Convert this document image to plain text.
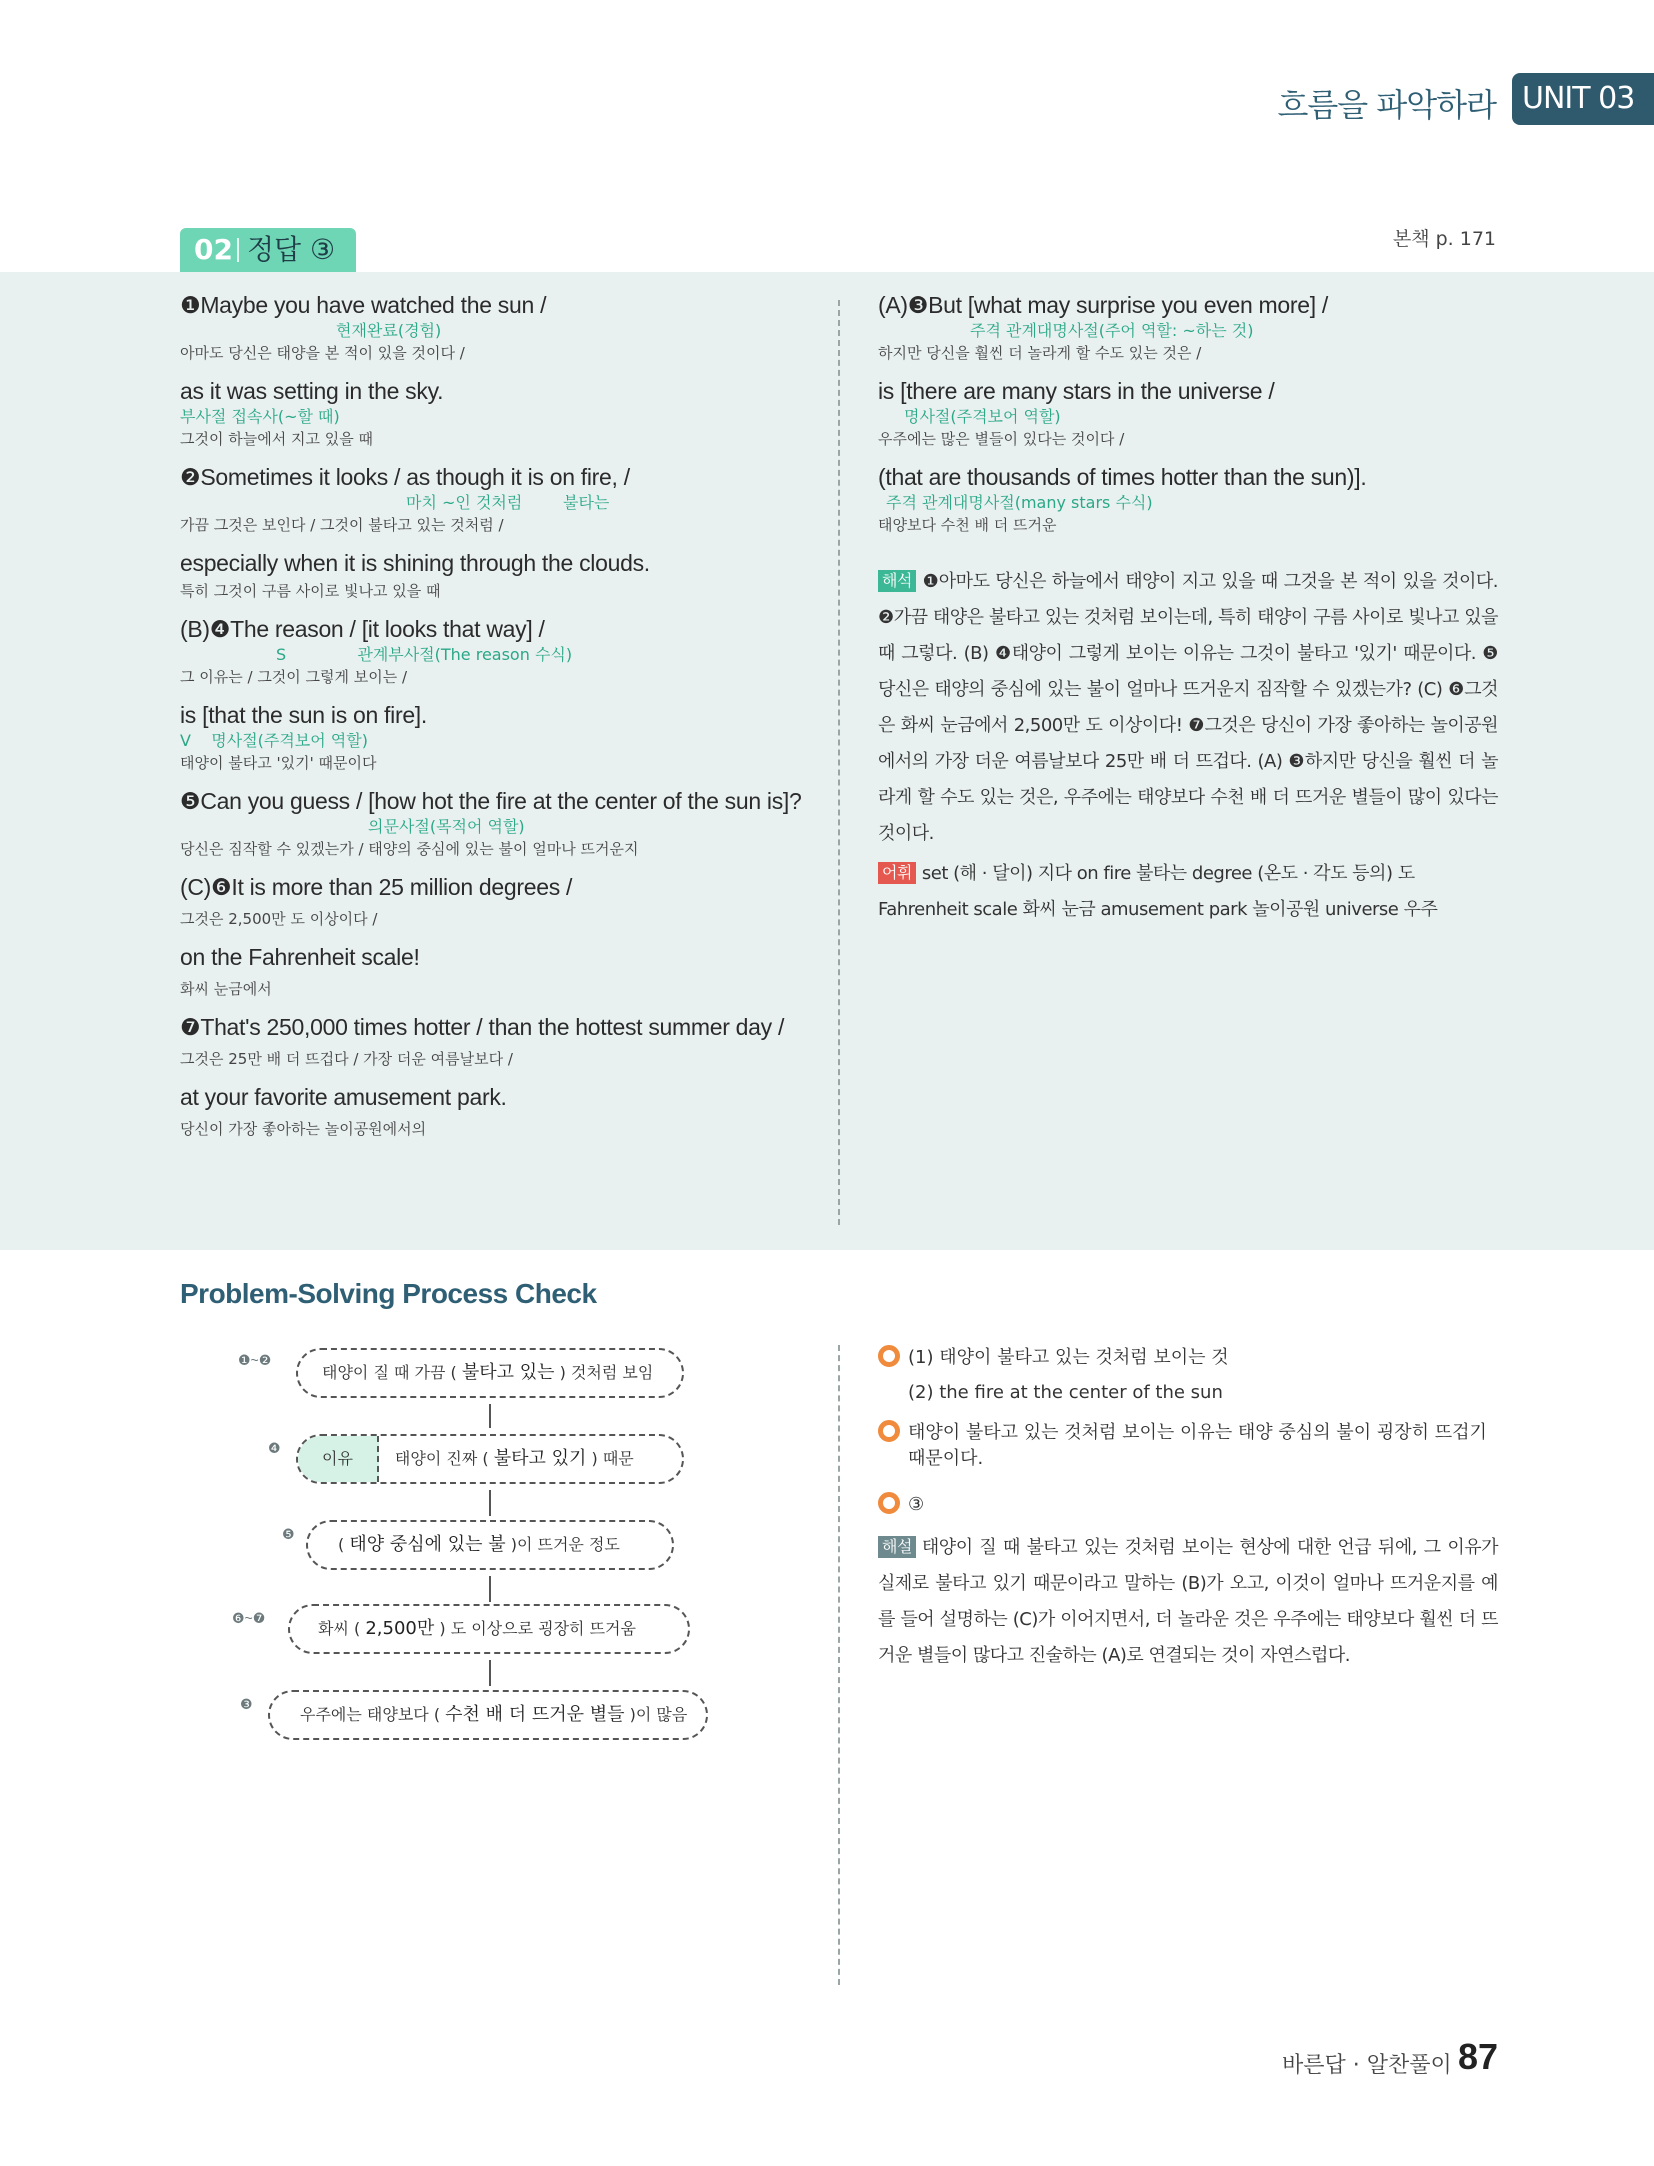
흐름을 파악하라 UNIT 03
02 정답 ③	본책 p. 171
❶Maybe you have watched the sun /
현재완료(경험)
아마도 당신은 태양을 본 적이 있을 것이다 /
as it was setting in the sky.
부사절 접속사(~할 때)
그것이 하늘에서 지고 있을 때
❷Sometimes it looks / as though it is on fire, /
마치 ~인 것처럼        불타는
가끔 그것은 보인다 / 그것이 불타고 있는 것처럼 /
especially when it is shining through the clouds.
특히 그것이 구름 사이로 빛나고 있을 때
(B)❹The reason / [it looks that way] /
S              관계부사절(The reason 수식)
그 이유는 / 그것이 그렇게 보이는 /
is [that the sun is on fire].
V    명사절(주격보어 역할)
태양이 불타고 '있기' 때문이다
❺Can you guess / [how hot the fire at the center of the sun is]?
의문사절(목적어 역할)
당신은 짐작할 수 있겠는가 / 태양의 중심에 있는 불이 얼마나 뜨거운지
(C)❻It is more than 25 million degrees /
그것은 2,500만 도 이상이다 /
on the Fahrenheit scale!
화씨 눈금에서
❼That's 250,000 times hotter / than the hottest summer day /
그것은 25만 배 더 뜨겁다 / 가장 더운 여름날보다 /
at your favorite amusement park.
당신이 가장 좋아하는 놀이공원에서의
(A)❸But [what may surprise you even more] /
주격 관계대명사절(주어 역할: ~하는 것)
하지만 당신을 훨씬 더 놀라게 할 수도 있는 것은 /
is [there are many stars in the universe /
명사절(주격보어 역할)
우주에는 많은 별들이 있다는 것이다 /
(that are thousands of times hotter than the sun)].
주격 관계대명사절(many stars 수식)
태양보다 수천 배 더 뜨거운
해석 ❶아마도 당신은 하늘에서 태양이 지고 있을 때 그것을 본 적이 있을 것이다. ❷가끔 태양은 불타고 있는 것처럼 보이는데, 특히 태양이 구름 사이로 빛나고 있을 때 그렇다. (B) ❹태양이 그렇게 보이는 이유는 그것이 불타고 '있기' 때문이다. ❺당신은 태양의 중심에 있는 불이 얼마나 뜨거운지 짐작할 수 있겠는가? (C) ❻그것은 화씨 눈금에서 2,500만 도 이상이다! ❼그것은 당신이 가장 좋아하는 놀이공원에서의 가장 더운 여름날보다 25만 배 더 뜨겁다. (A) ❸하지만 당신을 훨씬 더 놀라게 할 수도 있는 것은, 우주에는 태양보다 수천 배 더 뜨거운 별들이 많이 있다는 것이다.
어휘 set (해 · 달이) 지다 on fire 불타는 degree (온도 · 각도 등의) 도 Fahrenheit scale 화씨 눈금 amusement park 놀이공원 universe 우주
Problem-Solving Process Check
❶~❷
태양이 질 때 가끔 ( 불타고 있는 ) 것처럼 보임
❹
이유	태양이 진짜 ( 불타고 있기 ) 때문
❺
( 태양 중심에 있는 불 )이 뜨거운 정도
❻~❼
화씨 ( 2,500만 ) 도 이상으로 굉장히 뜨거움
❸
우주에는 태양보다 ( 수천 배 더 뜨거운 별들 )이 많음
(1) 태양이 불타고 있는 것처럼 보이는 것
(2) the fire at the center of the sun
태양이 불타고 있는 것처럼 보이는 이유는 태양 중심의 불이 굉장히 뜨겁기 때문이다.
③
해설 태양이 질 때 불타고 있는 것처럼 보이는 현상에 대한 언급 뒤에, 그 이유가 실제로 불타고 있기 때문이라고 말하는 (B)가 오고, 이것이 얼마나 뜨거운지를 예를 들어 설명하는 (C)가 이어지면서, 더 놀라운 것은 우주에는 태양보다 훨씬 더 뜨거운 별들이 많다고 진술하는 (A)로 연결되는 것이 자연스럽다.
바른답 · 알찬풀이 87
